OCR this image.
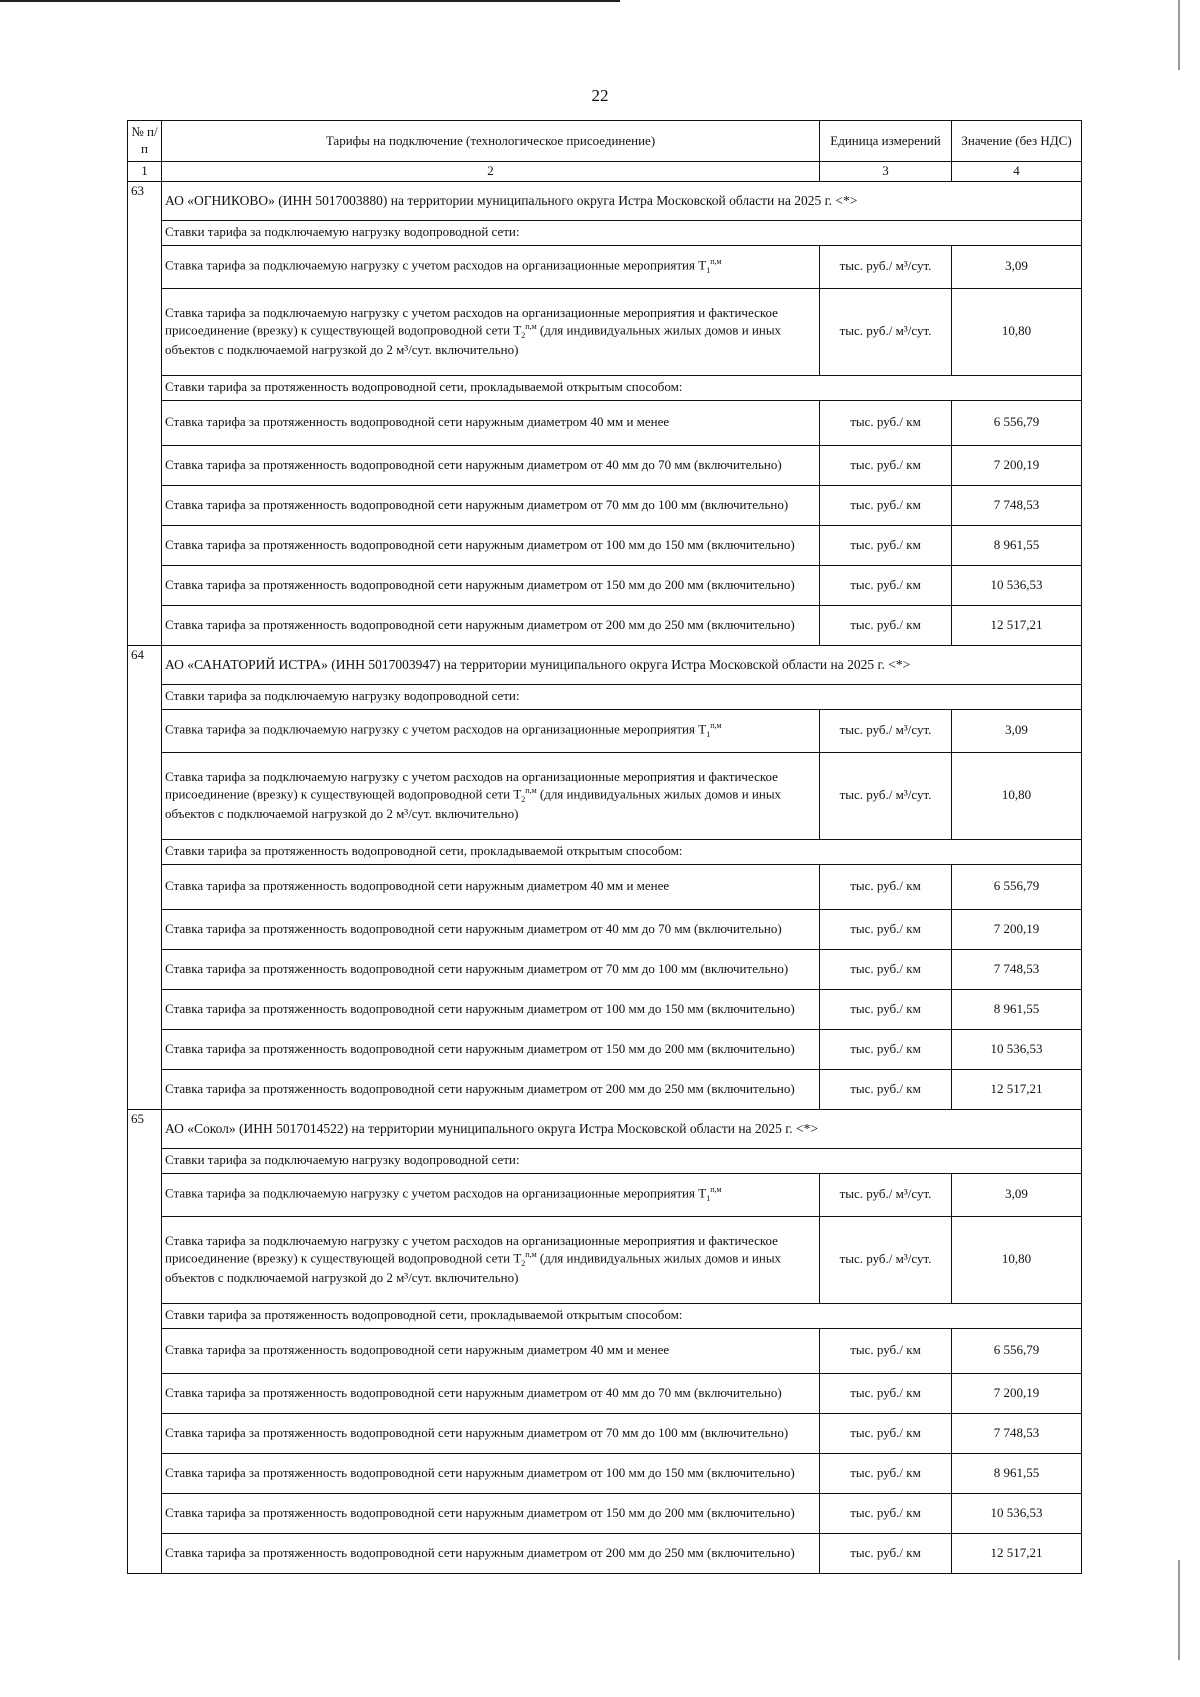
22
№ п/п	Тарифы на подключение (технологическое присоединение)	Единица измерений	Значение (без НДС)
1	2	3	4
63	АО «ОГНИКОВО» (ИНН 5017003880) на территории муниципального округа Истра Московской области на 2025 г. <*>		
	Ставки тарифа за подключаемую нагрузку водопроводной сети:		
	Ставка тарифа за подключаемую нагрузку с учетом расходов на организационные мероприятия $T_1^{п,м}$	тыс. руб./ м³/сут.	3,09
	Ставка тарифа за подключаемую нагрузку с учетом расходов на организационные мероприятия и фактическое присоединение (врезку) к существующей водопроводной сети $T_2^{п,м}$ (для индивидуальных жилых домов и иных объектов с подключаемой нагрузкой до 2 м³/сут. включительно)	тыс. руб./ м³/сут.	10,80
	Ставки тарифа за протяженность водопроводной сети, прокладываемой открытым способом:		
	Ставка тарифа за протяженность водопроводной сети наружным диаметром 40 мм и менее	тыс. руб./ км	6 556,79
	Ставка тарифа за протяженность водопроводной сети наружным диаметром от 40 мм до 70 мм (включительно)	тыс. руб./ км	7 200,19
	Ставка тарифа за протяженность водопроводной сети наружным диаметром от 70 мм до 100 мм (включительно)	тыс. руб./ км	7 748,53
	Ставка тарифа за протяженность водопроводной сети наружным диаметром от 100 мм до 150 мм (включительно)	тыс. руб./ км	8 961,55
	Ставка тарифа за протяженность водопроводной сети наружным диаметром от 150 мм до 200 мм (включительно)	тыс. руб./ км	10 536,53
	Ставка тарифа за протяженность водопроводной сети наружным диаметром от 200 мм до 250 мм (включительно)	тыс. руб./ км	12 517,21
64	АО «САНАТОРИЙ ИСТРА» (ИНН 5017003947) на территории муниципального округа Истра Московской области на 2025 г. <*>		
	Ставки тарифа за подключаемую нагрузку водопроводной сети:		
	Ставка тарифа за подключаемую нагрузку с учетом расходов на организационные мероприятия $T_1^{п,м}$	тыс. руб./ м³/сут.	3,09
	Ставка тарифа за подключаемую нагрузку с учетом расходов на организационные мероприятия и фактическое присоединение (врезку) к существующей водопроводной сети $T_2^{п,м}$ (для индивидуальных жилых домов и иных объектов с подключаемой нагрузкой до 2 м³/сут. включительно)	тыс. руб./ м³/сут.	10,80
	Ставки тарифа за протяженность водопроводной сети, прокладываемой открытым способом:		
	Ставка тарифа за протяженность водопроводной сети наружным диаметром 40 мм и менее	тыс. руб./ км	6 556,79
	Ставка тарифа за протяженность водопроводной сети наружным диаметром от 40 мм до 70 мм (включительно)	тыс. руб./ км	7 200,19
	Ставка тарифа за протяженность водопроводной сети наружным диаметром от 70 мм до 100 мм (включительно)	тыс. руб./ км	7 748,53
	Ставка тарифа за протяженность водопроводной сети наружным диаметром от 100 мм до 150 мм (включительно)	тыс. руб./ км	8 961,55
	Ставка тарифа за протяженность водопроводной сети наружным диаметром от 150 мм до 200 мм (включительно)	тыс. руб./ км	10 536,53
	Ставка тарифа за протяженность водопроводной сети наружным диаметром от 200 мм до 250 мм (включительно)	тыс. руб./ км	12 517,21
65	АО «Сокол» (ИНН 5017014522) на территории муниципального округа Истра Московской области на 2025 г. <*>		
	Ставки тарифа за подключаемую нагрузку водопроводной сети:		
	Ставка тарифа за подключаемую нагрузку с учетом расходов на организационные мероприятия $T_1^{п,м}$	тыс. руб./ м³/сут.	3,09
	Ставка тарифа за подключаемую нагрузку с учетом расходов на организационные мероприятия и фактическое присоединение (врезку) к существующей водопроводной сети $T_2^{п,м}$ (для индивидуальных жилых домов и иных объектов с подключаемой нагрузкой до 2 м³/сут. включительно)	тыс. руб./ м³/сут.	10,80
	Ставки тарифа за протяженность водопроводной сети, прокладываемой открытым способом:		
	Ставка тарифа за протяженность водопроводной сети наружным диаметром 40 мм и менее	тыс. руб./ км	6 556,79
	Ставка тарифа за протяженность водопроводной сети наружным диаметром от 40 мм до 70 мм (включительно)	тыс. руб./ км	7 200,19
	Ставка тарифа за протяженность водопроводной сети наружным диаметром от 70 мм до 100 мм (включительно)	тыс. руб./ км	7 748,53
	Ставка тарифа за протяженность водопроводной сети наружным диаметром от 100 мм до 150 мм (включительно)	тыс. руб./ км	8 961,55
	Ставка тарифа за протяженность водопроводной сети наружным диаметром от 150 мм до 200 мм (включительно)	тыс. руб./ км	10 536,53
	Ставка тарифа за протяженность водопроводной сети наружным диаметром от 200 мм до 250 мм (включительно)	тыс. руб./ км	12 517,21
